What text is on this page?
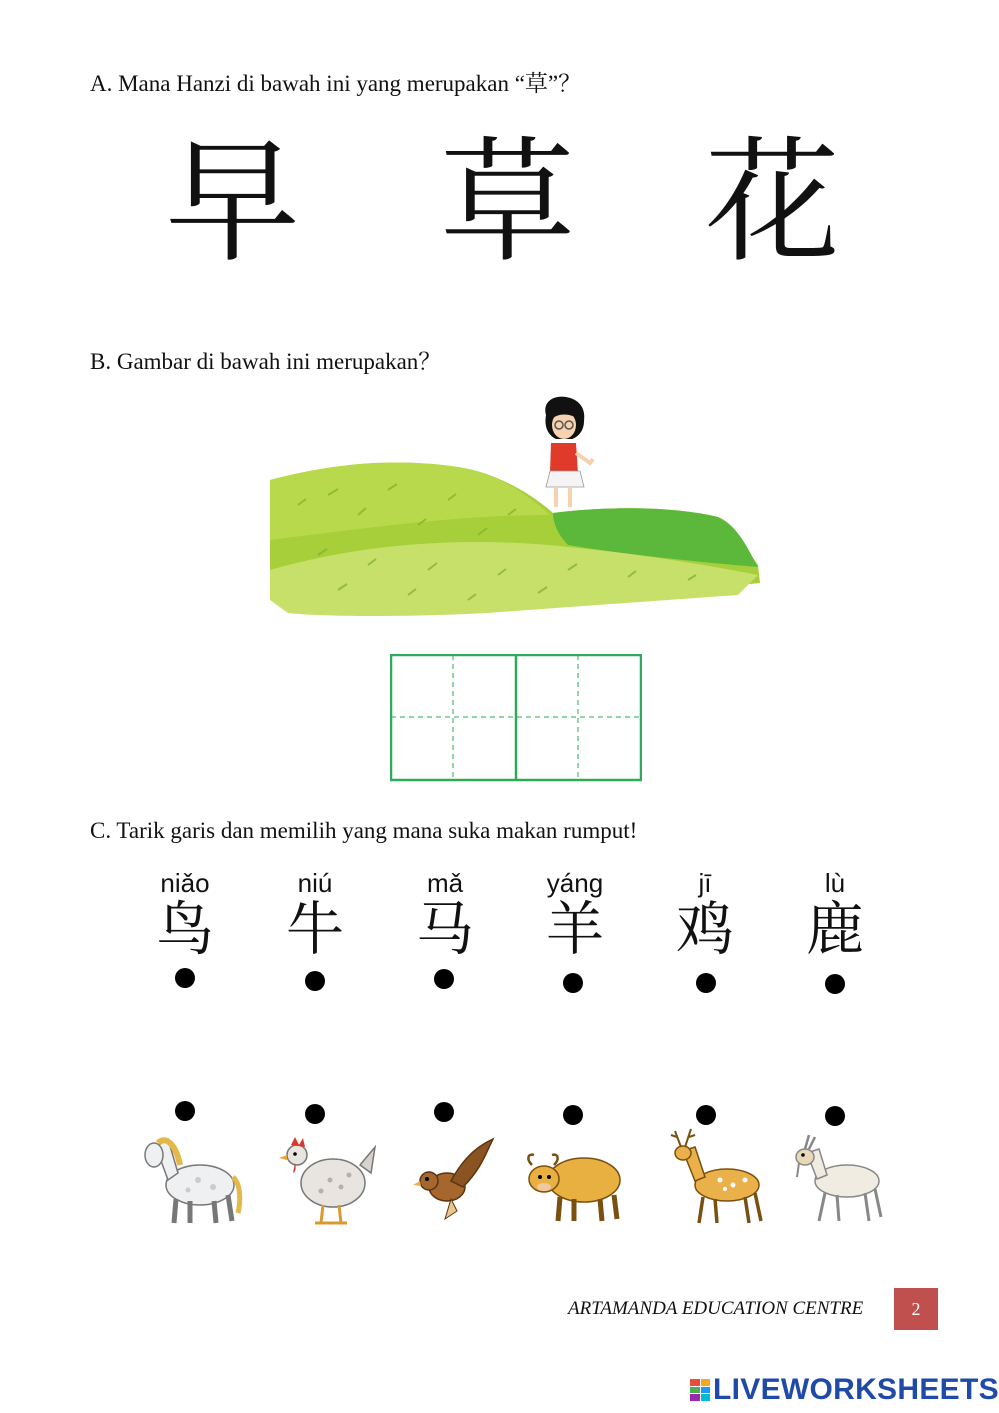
A. Mana Hanzi di bawah ini yang merupakan “草”？
早 草 花
B. Gambar di bawah ini merupakan？
C. Tarik garis dan memilih yang mana suka makan rumput!
niǎo	niú	mǎ	yáng	jī	lù
鸟 牛 马 羊 鸡 鹿
ARTAMANDA EDUCATION CENTRE	2
LIVEWORKSHEETS
